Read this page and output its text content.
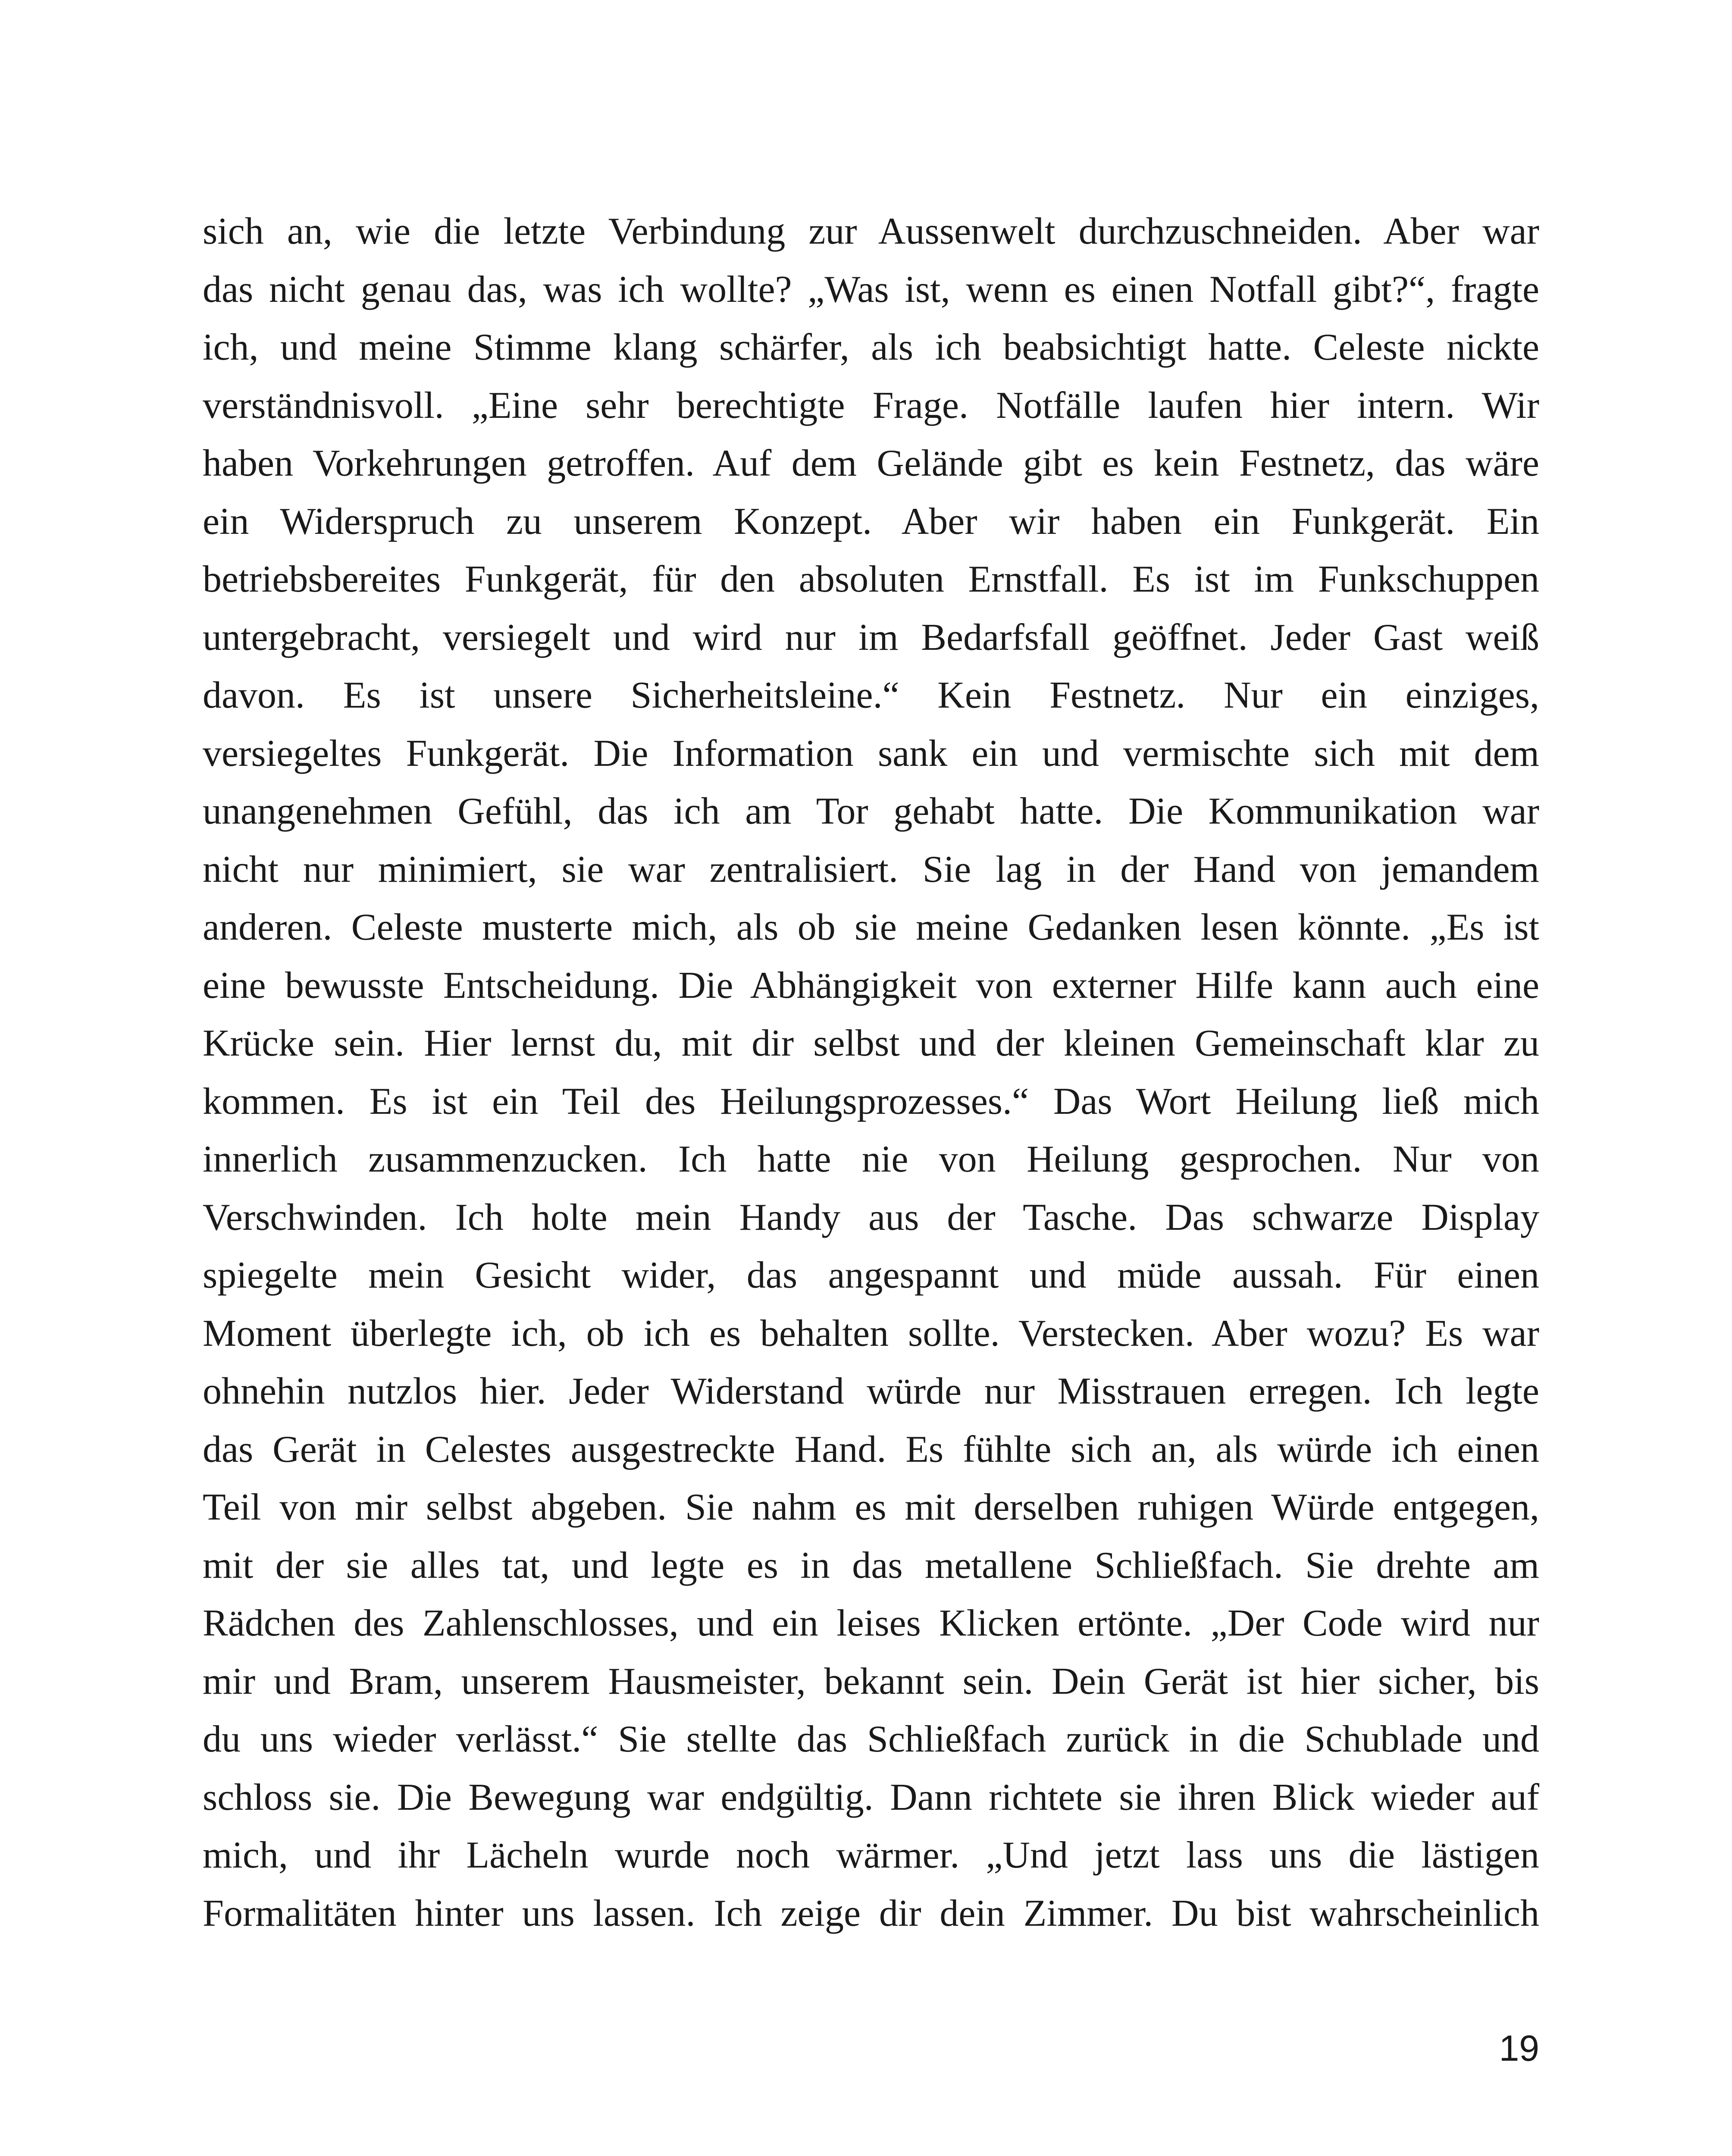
sich an, wie die letzte Verbindung zur Aussenwelt durchzuschneiden. Aber war
das nicht genau das, was ich wollte? „Was ist, wenn es einen Notfall gibt?“, fragte
ich, und meine Stimme klang schärfer, als ich beabsichtigt hatte. Celeste nickte
verständnisvoll. „Eine sehr berechtigte Frage. Notfälle laufen hier intern. Wir
haben Vorkehrungen getroffen. Auf dem Gelände gibt es kein Festnetz, das wäre
ein Widerspruch zu unserem Konzept. Aber wir haben ein Funkgerät. Ein
betriebsbereites Funkgerät, für den absoluten Ernstfall. Es ist im Funkschuppen
untergebracht, versiegelt und wird nur im Bedarfsfall geöffnet. Jeder Gast weiß
davon. Es ist unsere Sicherheitsleine.“ Kein Festnetz. Nur ein einziges,
versiegeltes Funkgerät. Die Information sank ein und vermischte sich mit dem
unangenehmen Gefühl, das ich am Tor gehabt hatte. Die Kommunikation war
nicht nur minimiert, sie war zentralisiert. Sie lag in der Hand von jemandem
anderen. Celeste musterte mich, als ob sie meine Gedanken lesen könnte. „Es ist
eine bewusste Entscheidung. Die Abhängigkeit von externer Hilfe kann auch eine
Krücke sein. Hier lernst du, mit dir selbst und der kleinen Gemeinschaft klar zu
kommen. Es ist ein Teil des Heilungsprozesses.“ Das Wort Heilung ließ mich
innerlich zusammenzucken. Ich hatte nie von Heilung gesprochen. Nur von
Verschwinden. Ich holte mein Handy aus der Tasche. Das schwarze Display
spiegelte mein Gesicht wider, das angespannt und müde aussah. Für einen
Moment überlegte ich, ob ich es behalten sollte. Verstecken. Aber wozu? Es war
ohnehin nutzlos hier. Jeder Widerstand würde nur Misstrauen erregen. Ich legte
das Gerät in Celestes ausgestreckte Hand. Es fühlte sich an, als würde ich einen
Teil von mir selbst abgeben. Sie nahm es mit derselben ruhigen Würde entgegen,
mit der sie alles tat, und legte es in das metallene Schließfach. Sie drehte am
Rädchen des Zahlenschlosses, und ein leises Klicken ertönte. „Der Code wird nur
mir und Bram, unserem Hausmeister, bekannt sein. Dein Gerät ist hier sicher, bis
du uns wieder verlässt.“ Sie stellte das Schließfach zurück in die Schublade und
schloss sie. Die Bewegung war endgültig. Dann richtete sie ihren Blick wieder auf
mich, und ihr Lächeln wurde noch wärmer. „Und jetzt lass uns die lästigen
Formalitäten hinter uns lassen. Ich zeige dir dein Zimmer. Du bist wahrscheinlich
19
